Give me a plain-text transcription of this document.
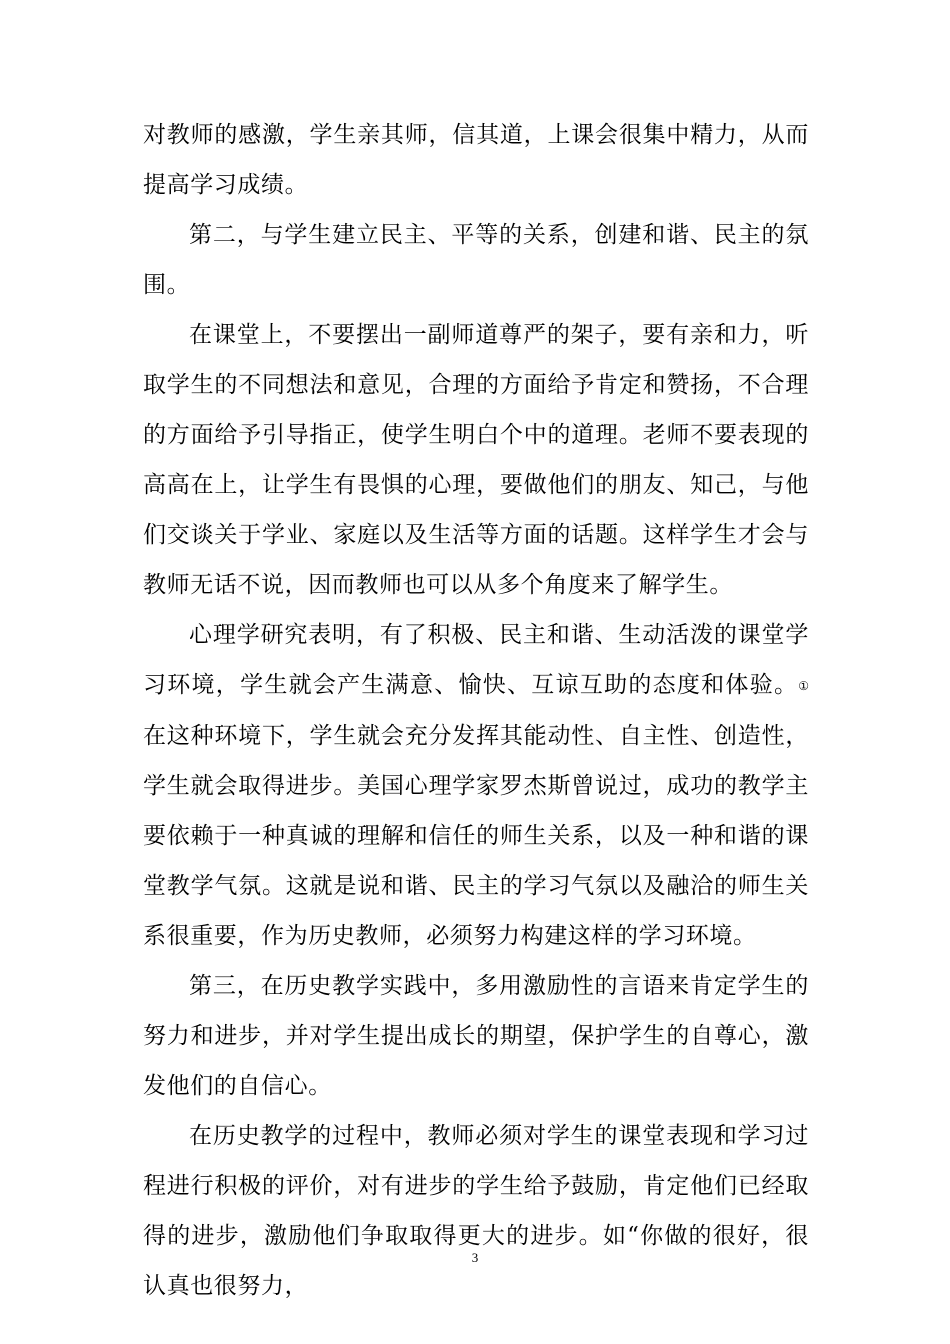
对教师的感激，学生亲其师，信其道，上课会很集中精力，从而提高学习成绩。

第二，与学生建立民主、平等的关系，创建和谐、民主的氛围。

在课堂上，不要摆出一副师道尊严的架子，要有亲和力，听取学生的不同想法和意见，合理的方面给予肯定和赞扬，不合理的方面给予引导指正，使学生明白个中的道理。老师不要表现的高高在上，让学生有畏惧的心理，要做他们的朋友、知己，与他们交谈关于学业、家庭以及生活等方面的话题。这样学生才会与教师无话不说，因而教师也可以从多个角度来了解学生。

心理学研究表明，有了积极、民主和谐、生动活泼的课堂学习环境，学生就会产生满意、愉快、互谅互助的态度和体验。①在这种环境下，学生就会充分发挥其能动性、自主性、创造性，学生就会取得进步。美国心理学家罗杰斯曾说过，成功的教学主要依赖于一种真诚的理解和信任的师生关系，以及一种和谐的课堂教学气氛。这就是说和谐、民主的学习气氛以及融洽的师生关系很重要，作为历史教师，必须努力构建这样的学习环境。

第三，在历史教学实践中，多用激励性的言语来肯定学生的努力和进步，并对学生提出成长的期望，保护学生的自尊心，激发他们的自信心。

在历史教学的过程中，教师必须对学生的课堂表现和学习过程进行积极的评价，对有进步的学生给予鼓励，肯定他们已经取得的进步，激励他们争取取得更大的进步。如“你做的很好，很认真也很努力，

3
